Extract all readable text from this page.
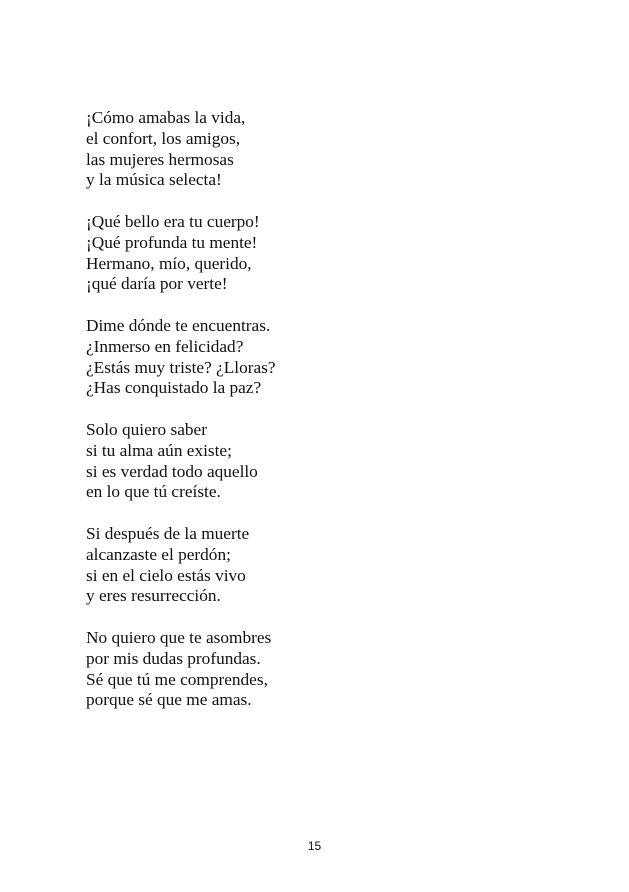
¡Cómo amabas la vida,
el confort, los amigos,
las mujeres hermosas
y la música selecta!
¡Qué bello era tu cuerpo!
¡Qué profunda tu mente!
Hermano, mío, querido,
¡qué daría por verte!
Dime dónde te encuentras.
¿Inmerso en felicidad?
¿Estás muy triste? ¿Lloras?
¿Has conquistado la paz?
Solo quiero saber
si tu alma aún existe;
si es verdad todo aquello
en lo que tú creíste.
Si después de la muerte
alcanzaste el perdón;
si en el cielo estás vivo
y eres resurrección.
No quiero que te asombres
por mis dudas profundas.
Sé que tú me comprendes,
porque sé que me amas.
15
